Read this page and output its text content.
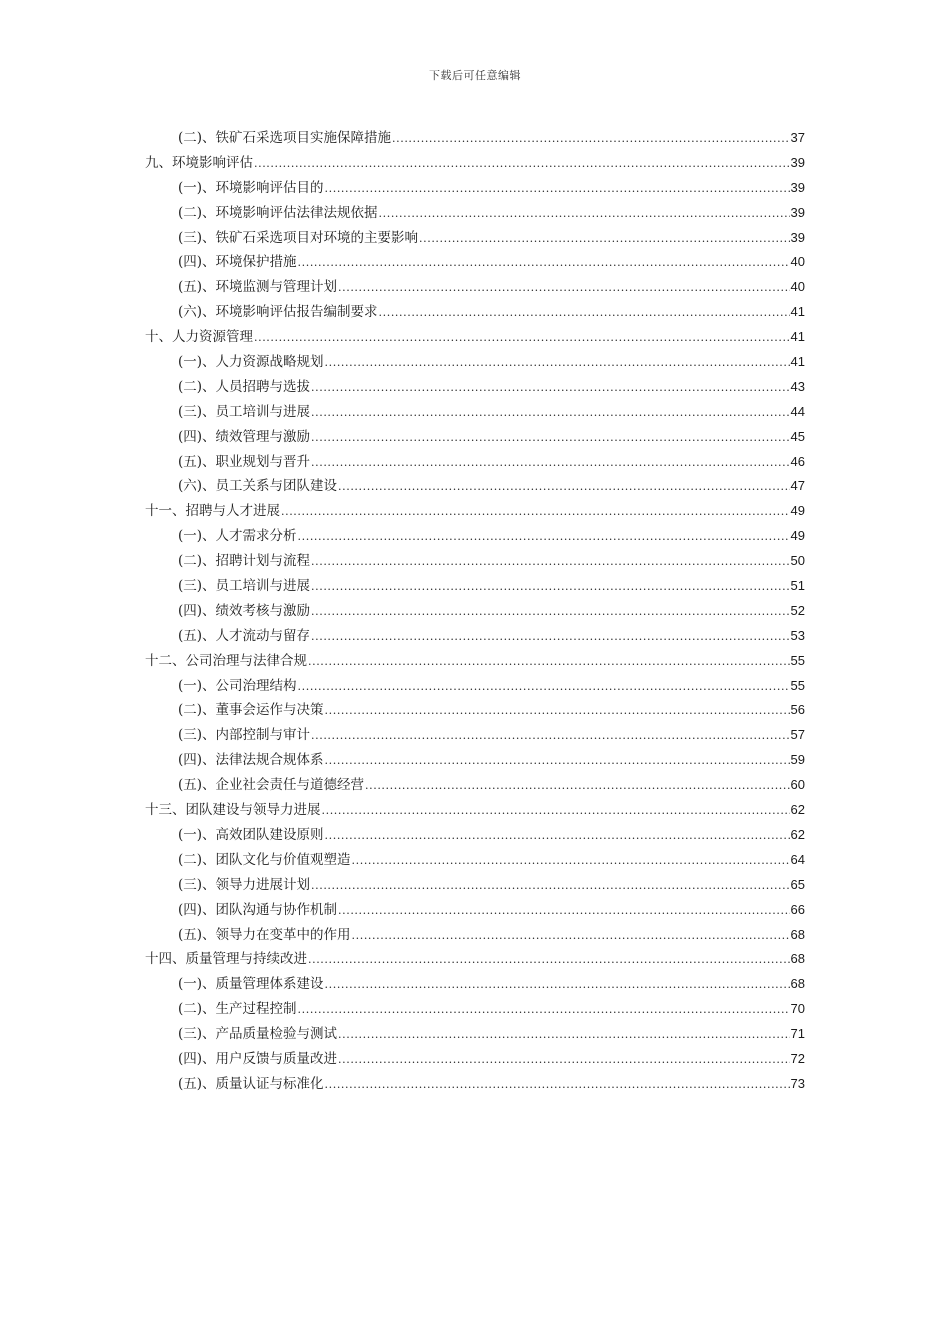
下载后可任意编辑
(二)、铁矿石采选项目实施保障措施 .....	37
九、环境影响评估 .....	39
(一)、环境影响评估目的 .....	39
(二)、环境影响评估法律法规依据 .....	39
(三)、铁矿石采选项目对环境的主要影响 .....	39
(四)、环境保护措施 .....	40
(五)、环境监测与管理计划 .....	40
(六)、环境影响评估报告编制要求 .....	41
十、人力资源管理 .....	41
(一)、人力资源战略规划 .....	41
(二)、人员招聘与选拔 .....	43
(三)、员工培训与进展 .....	44
(四)、绩效管理与激励 .....	45
(五)、职业规划与晋升 .....	46
(六)、员工关系与团队建设 .....	47
十一、招聘与人才进展 .....	49
(一)、人才需求分析 .....	49
(二)、招聘计划与流程 .....	50
(三)、员工培训与进展 .....	51
(四)、绩效考核与激励 .....	52
(五)、人才流动与留存 .....	53
十二、公司治理与法律合规 .....	55
(一)、公司治理结构 .....	55
(二)、董事会运作与决策 .....	56
(三)、内部控制与审计 .....	57
(四)、法律法规合规体系 .....	59
(五)、企业社会责任与道德经营 .....	60
十三、团队建设与领导力进展 .....	62
(一)、高效团队建设原则 .....	62
(二)、团队文化与价值观塑造 .....	64
(三)、领导力进展计划 .....	65
(四)、团队沟通与协作机制 .....	66
(五)、领导力在变革中的作用 .....	68
十四、质量管理与持续改进 .....	68
(一)、质量管理体系建设 .....	68
(二)、生产过程控制 .....	70
(三)、产品质量检验与测试 .....	71
(四)、用户反馈与质量改进 .....	72
(五)、质量认证与标准化 .....	73
